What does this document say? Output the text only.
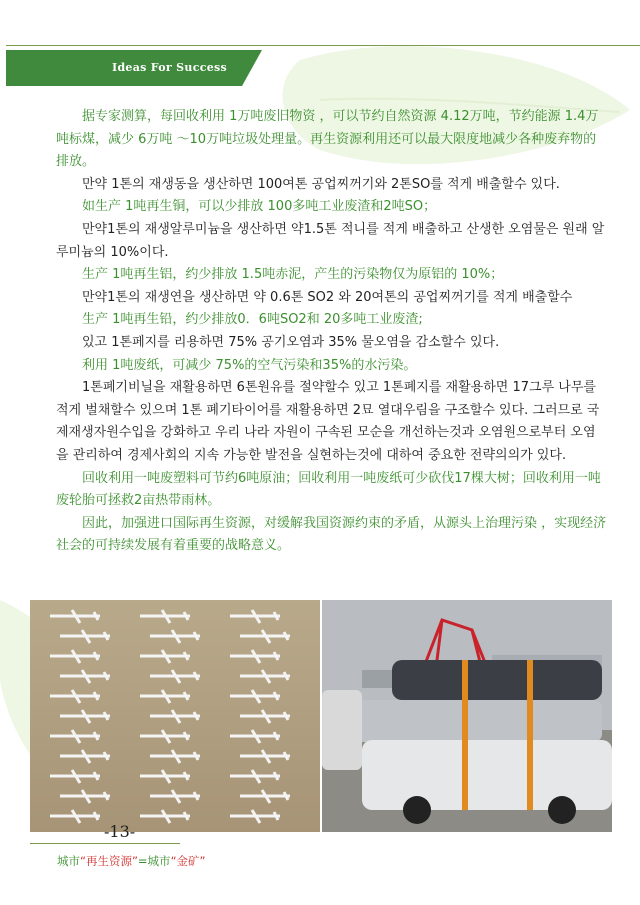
Ideas For Success

据专家测算，每回收利用 1万吨废旧物资 ，可以节约自然资源 4.12万吨，节约能源 1.4万吨标煤，减少 6万吨 ～10万吨垃圾处理量。再生资源利用还可以最大限度地减少各种废弃物的排放。

만약 1톤의 재생동을 생산하면 100여톤 공업찌꺼기와 2톤SO를 적게 배출할수 있다.

如生产 1吨再生铜，可以少排放 100多吨工业废渣和2吨SO；

만약1톤의 재생알루미늄을 생산하면 약1.5톤 적니를 적게 배출하고 산생한 오염물은 원래 알루미늄의 10%이다.

生产 1吨再生铝，约少排放 1.5吨赤泥，产生的污染物仅为原铝的 10%；

만약1톤의 재생연을 생산하면 약 0.6톤 SO2 와 20여톤의 공업찌꺼기를 적게 배출할수

生产 1吨再生铅，约少排放0．6吨SO2和 20多吨工业废渣;

있고 1톤페지를 리용하면 75% 공기오염과 35% 물오염을 감소할수 있다.

利用 1吨废纸，可减少 75%的空气污染和35%的水污染。

1톤폐기비닐을 재활용하면 6톤원유를 절약할수 있고 1톤폐지를 재활용하면 17그루 나무를 적게 벌채할수 있으며 1톤 폐기타이어를 재활용하면 2묘 열대우림을 구조할수 있다. 그러므로 국제재생자원수입을 강화하고 우리 나라 자원이 구속된 모순을 개선하는것과 오염원으로부터 오염을 관리하여 경제사회의 지속 가능한 발전을 실현하는것에 대하여 중요한 전략의의가 있다.

回收利用一吨废塑料可节约6吨原油；回收利用一吨废纸可少砍伐17棵大树；回收利用一吨废轮胎可拯救2亩热带雨林。

因此，加强进口国际再生资源，对缓解我国资源约束的矛盾，从源头上治理污染 ，实现经济社会的可持续发展有着重要的战略意义。

-13-
城市“再生资源”=城市“金矿”
